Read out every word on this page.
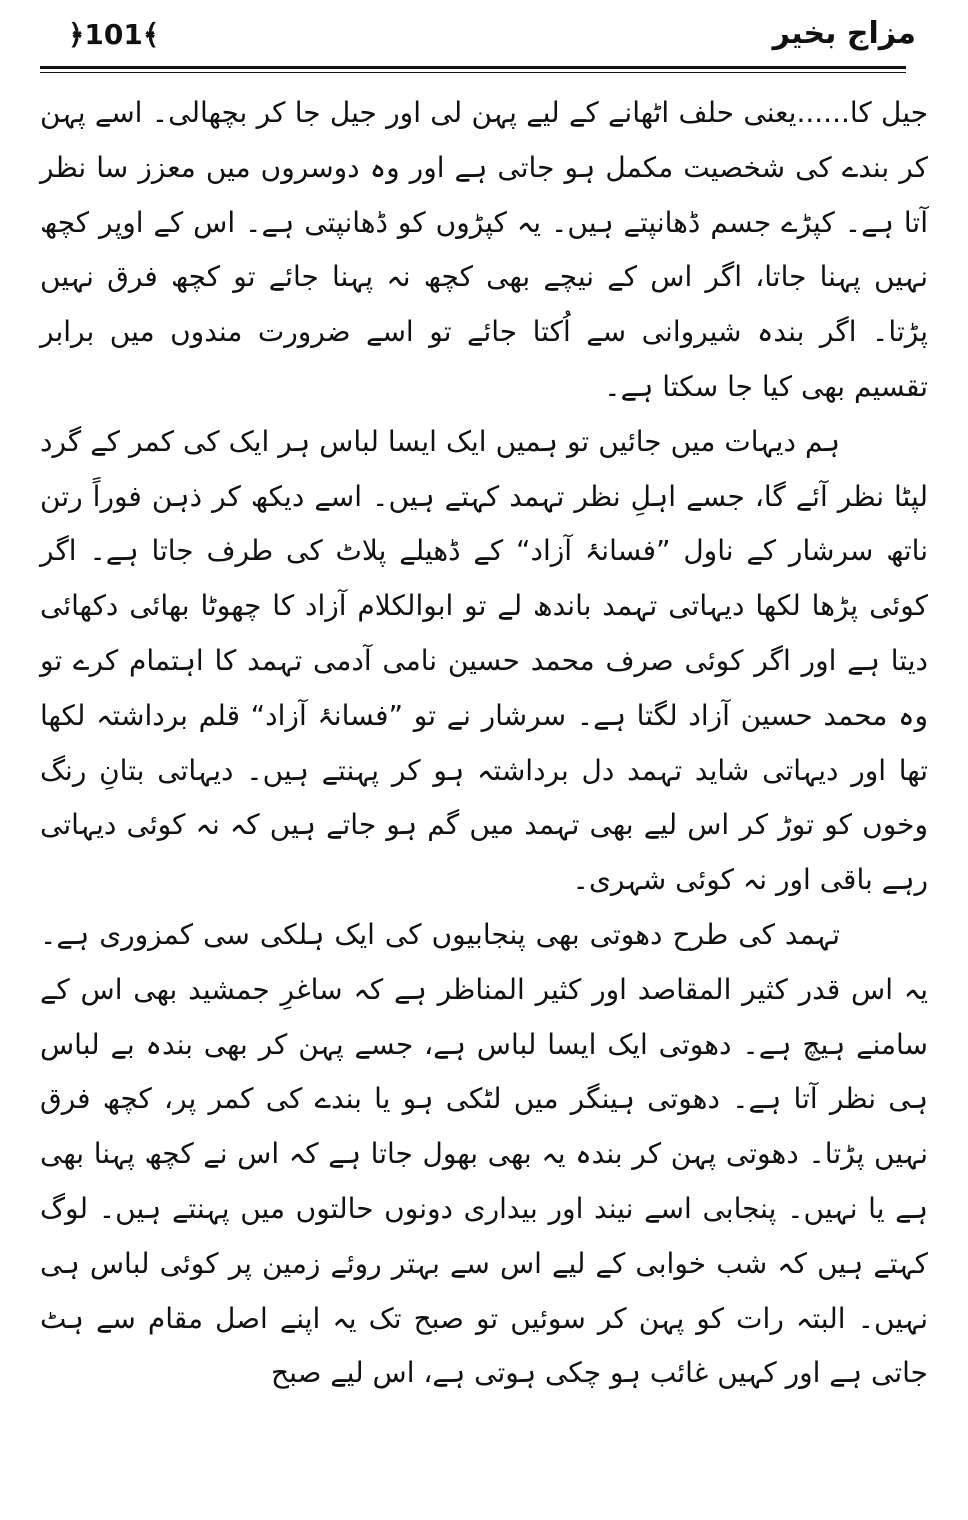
﴿101﴾	مزاج بخیر

جیل کا......یعنی حلف اٹھانے کے لیے پہن لی اور جیل جا کر بچھالی۔ اسے پہن کر بندے کی شخصیت مکمل ہو جاتی ہے اور وہ دوسروں میں معزز سا نظر آتا ہے۔ کپڑے جسم ڈھانپتے ہیں۔ یہ کپڑوں کو ڈھانپتی ہے۔ اس کے اوپر کچھ نہیں پہنا جاتا، اگر اس کے نیچے بھی کچھ نہ پہنا جائے تو کچھ فرق نہیں پڑتا۔ اگر بندہ شیروانی سے اُکتا جائے تو اسے ضرورت مندوں میں برابر تقسیم بھی کیا جا سکتا ہے۔

ہم دیہات میں جائیں تو ہمیں ایک ایسا لباس ہر ایک کی کمر کے گرد لپٹا نظر آئے گا، جسے اہلِ نظر تہمد کہتے ہیں۔ اسے دیکھ کر ذہن فوراً رتن ناتھ سرشار کے ناول ”فسانۂ آزاد“ کے ڈھیلے پلاٹ کی طرف جاتا ہے۔ اگر کوئی پڑھا لکھا دیہاتی تہمد باندھ لے تو ابوالکلام آزاد کا چھوٹا بھائی دکھائی دیتا ہے اور اگر کوئی صرف محمد حسین نامی آدمی تہمد کا اہتمام کرے تو وہ محمد حسین آزاد لگتا ہے۔ سرشار نے تو ”فسانۂ آزاد“ قلم برداشتہ لکھا تھا اور دیہاتی شاید تہمد دل برداشتہ ہو کر پہنتے ہیں۔ دیہاتی بتانِ رنگ وخوں کو توڑ کر اس لیے بھی تہمد میں گم ہو جاتے ہیں کہ نہ کوئی دیہاتی رہے باقی اور نہ کوئی شہری۔

تہمد کی طرح دھوتی بھی پنجابیوں کی ایک ہلکی سی کمزوری ہے۔ یہ اس قدر کثیر المقاصد اور کثیر المناظر ہے کہ ساغرِ جمشید بھی اس کے سامنے ہیچ ہے۔ دھوتی ایک ایسا لباس ہے، جسے پہن کر بھی بندہ بے لباس ہی نظر آتا ہے۔ دھوتی ہینگر میں لٹکی ہو یا بندے کی کمر پر، کچھ فرق نہیں پڑتا۔ دھوتی پہن کر بندہ یہ بھی بھول جاتا ہے کہ اس نے کچھ پہنا بھی ہے یا نہیں۔ پنجابی اسے نیند اور بیداری دونوں حالتوں میں پہنتے ہیں۔ لوگ کہتے ہیں کہ شب خوابی کے لیے اس سے بہتر روئے زمین پر کوئی لباس ہی نہیں۔ البتہ رات کو پہن کر سوئیں تو صبح تک یہ اپنے اصل مقام سے ہٹ جاتی ہے اور کہیں غائب ہو چکی ہوتی ہے، اس لیے صبح
